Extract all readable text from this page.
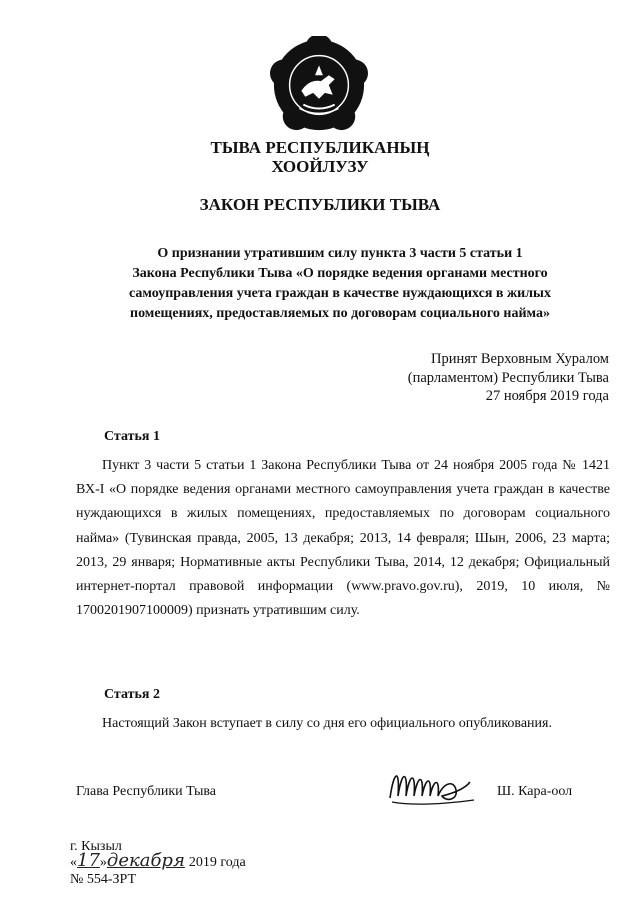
ТЫВА РЕСПУБЛИКАНЫҢ
ХООЙЛУЗУ
ЗАКОН РЕСПУБЛИКИ ТЫВА
О признании утратившим силу пункта 3 части 5 статьи 1
Закона Республики Тыва «О порядке ведения органами местного
самоуправления учета граждан в качестве нуждающихся в жилых
помещениях, предоставляемых по договорам социального найма»
Принят Верховным Хуралом
(парламентом) Республики Тыва
27 ноября 2019 года
Статья 1

Пункт 3 части 5 статьи 1 Закона Республики Тыва от 24 ноября 2005 года № 1421 ВХ-I «О порядке ведения органами местного самоуправления учета граждан в качестве нуждающихся в жилых помещениях, предоставляемых по договорам социального найма» (Тувинская правда, 2005, 13 декабря; 2013, 14 февраля; Шын, 2006, 23 марта; 2013, 29 января; Нормативные акты Республики Тыва, 2014, 12 декабря; Официальный интернет-портал правовой информации (www.pravo.gov.ru), 2019, 10 июля, № 1700201907100009) признать утратившим силу.

Статья 2

Настоящий Закон вступает в силу со дня его официального опубликования.

Глава Республики Тыва	Ш. Кара-оол
г. Кызыл
«17»декабря 2019 года
№ 554-ЗРТ
